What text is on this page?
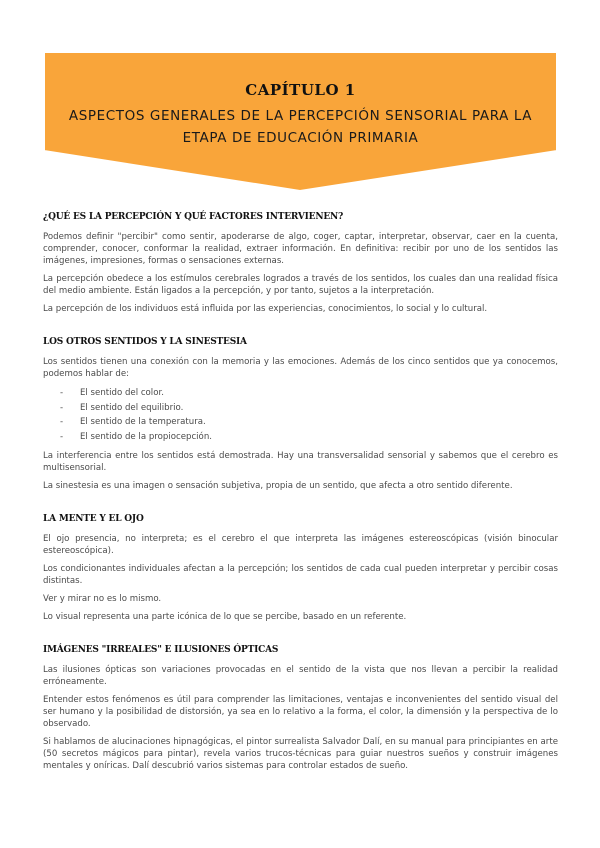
CAPÍTULO 1
ASPECTOS GENERALES DE LA PERCEPCIÓN SENSORIAL PARA LA ETAPA DE EDUCACIÓN PRIMARIA
¿QUÉ ES LA PERCEPCIÓN Y QUÉ FACTORES INTERVIENEN?

Podemos definir "percibir" como sentir, apoderarse de algo, coger, captar, interpretar, observar, caer en la cuenta, comprender, conocer, conformar la realidad, extraer información. En definitiva: recibir por uno de los sentidos las imágenes, impresiones, formas o sensaciones externas.

La percepción obedece a los estímulos cerebrales logrados a través de los sentidos, los cuales dan una realidad física del medio ambiente. Están ligados a la percepción, y por tanto, sujetos a la interpretación.

La percepción de los individuos está influida por las experiencias, conocimientos, lo social y lo cultural.

LOS OTROS SENTIDOS Y LA SINESTESIA

Los sentidos tienen una conexión con la memoria y las emociones. Además de los cinco sentidos que ya conocemos, podemos hablar de:

- El sentido del color.
- El sentido del equilibrio.
- El sentido de la temperatura.
- El sentido de la propiocepción.

La interferencia entre los sentidos está demostrada. Hay una transversalidad sensorial y sabemos que el cerebro es multisensorial.

La sinestesia es una imagen o sensación subjetiva, propia de un sentido, que afecta a otro sentido diferente.

LA MENTE Y EL OJO

El ojo presencia, no interpreta; es el cerebro el que interpreta las imágenes estereoscópicas (visión binocular estereoscópica).

Los condicionantes individuales afectan a la percepción; los sentidos de cada cual pueden interpretar y percibir cosas distintas.

Ver y mirar no es lo mismo.

Lo visual representa una parte icónica de lo que se percibe, basado en un referente.

IMÁGENES "IRREALES" E ILUSIONES ÓPTICAS

Las ilusiones ópticas son variaciones provocadas en el sentido de la vista que nos llevan a percibir la realidad erróneamente.

Entender estos fenómenos es útil para comprender las limitaciones, ventajas e inconvenientes del sentido visual del ser humano y la posibilidad de distorsión, ya sea en lo relativo a la forma, el color, la dimensión y la perspectiva de lo observado.

Si hablamos de alucinaciones hipnagógicas, el pintor surrealista Salvador Dalí, en su manual para principiantes en arte (50 secretos mágicos para pintar), revela varios trucos-técnicas para guiar nuestros sueños y construir imágenes mentales y oníricas. Dalí descubrió varios sistemas para controlar estados de sueño.
